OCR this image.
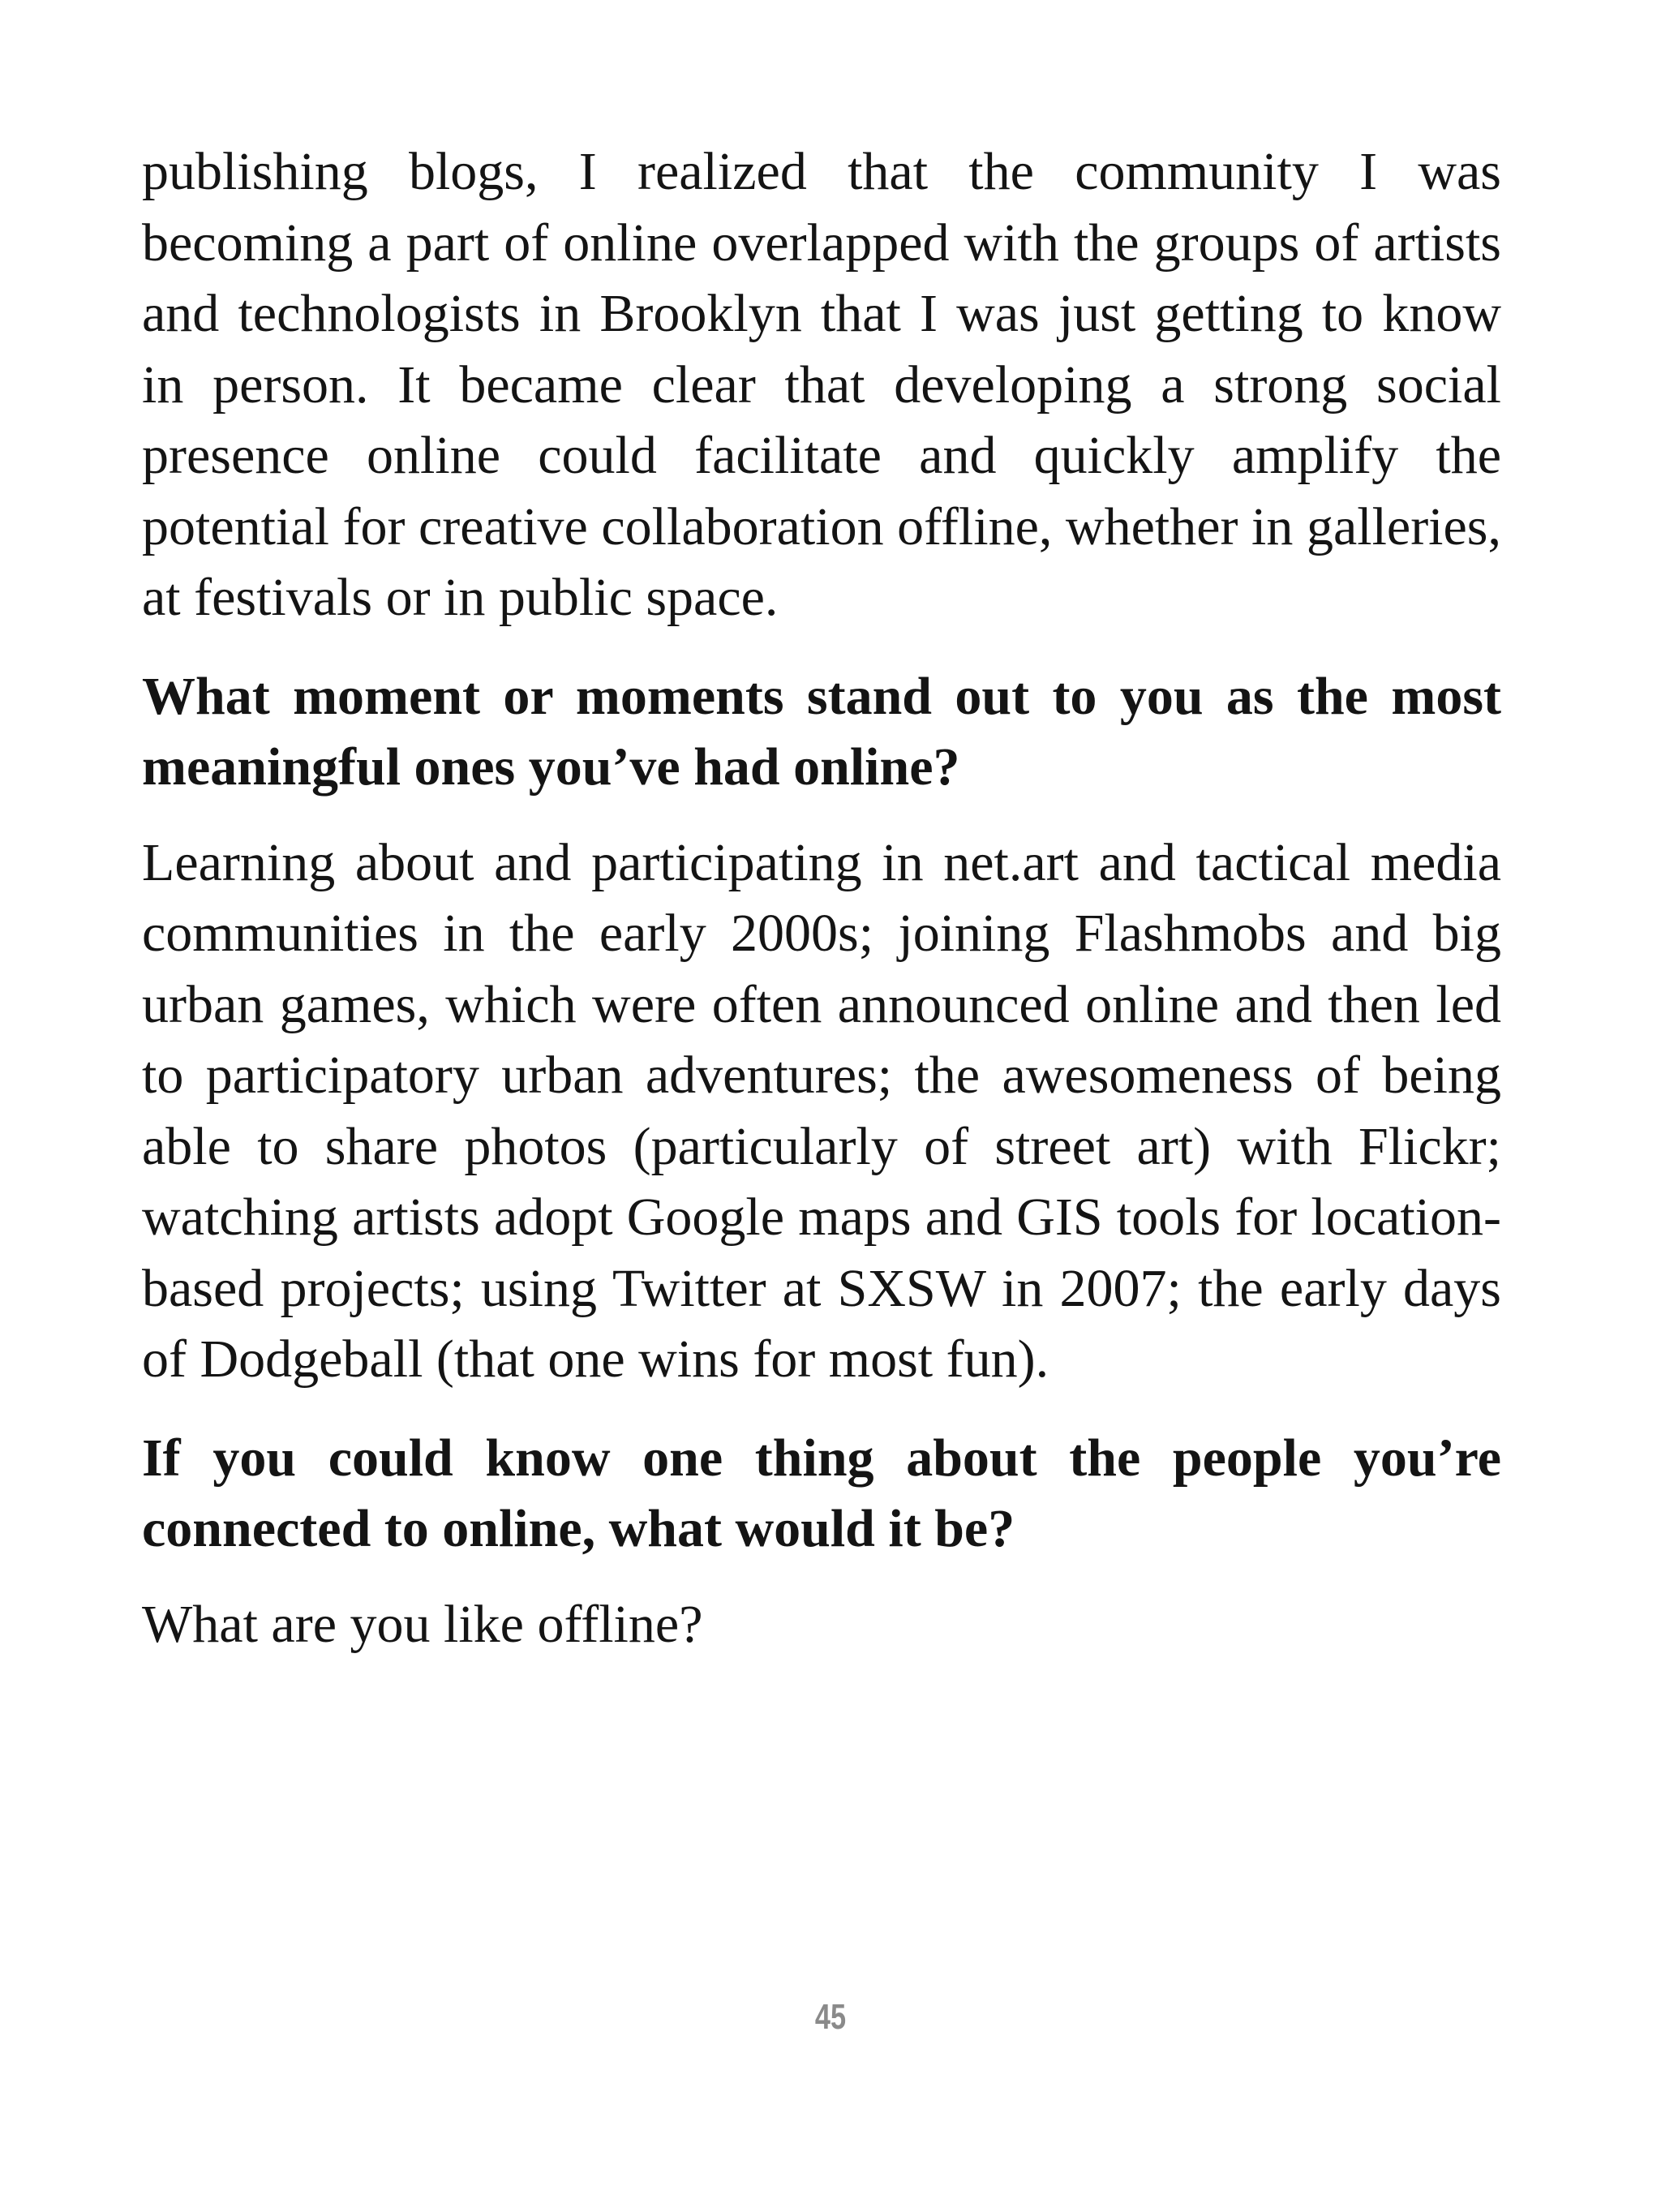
publishing blogs, I realized that the community I was becoming a part of online overlapped with the groups of artists and technologists in Brooklyn that I was just getting to know in person. It became clear that developing a strong social presence online could facilitate and quickly amplify the potential for creative collaboration offline, whether in galleries, at festivals or in public space.

What moment or moments stand out to you as the most meaningful ones you’ve had online?

Learning about and participating in net.art and tactical media communities in the early 2000s; joining Flashmobs and big urban games, which were often announced online and then led to participatory urban adventures; the awesomeness of being able to share photos (particularly of street art) with Flickr; watching artists adopt Google maps and GIS tools for location-based projects; using Twitter at SXSW in 2007; the early days of Dodgeball (that one wins for most fun).

If you could know one thing about the people you’re connected to online, what would it be?

What are you like offline?

45
